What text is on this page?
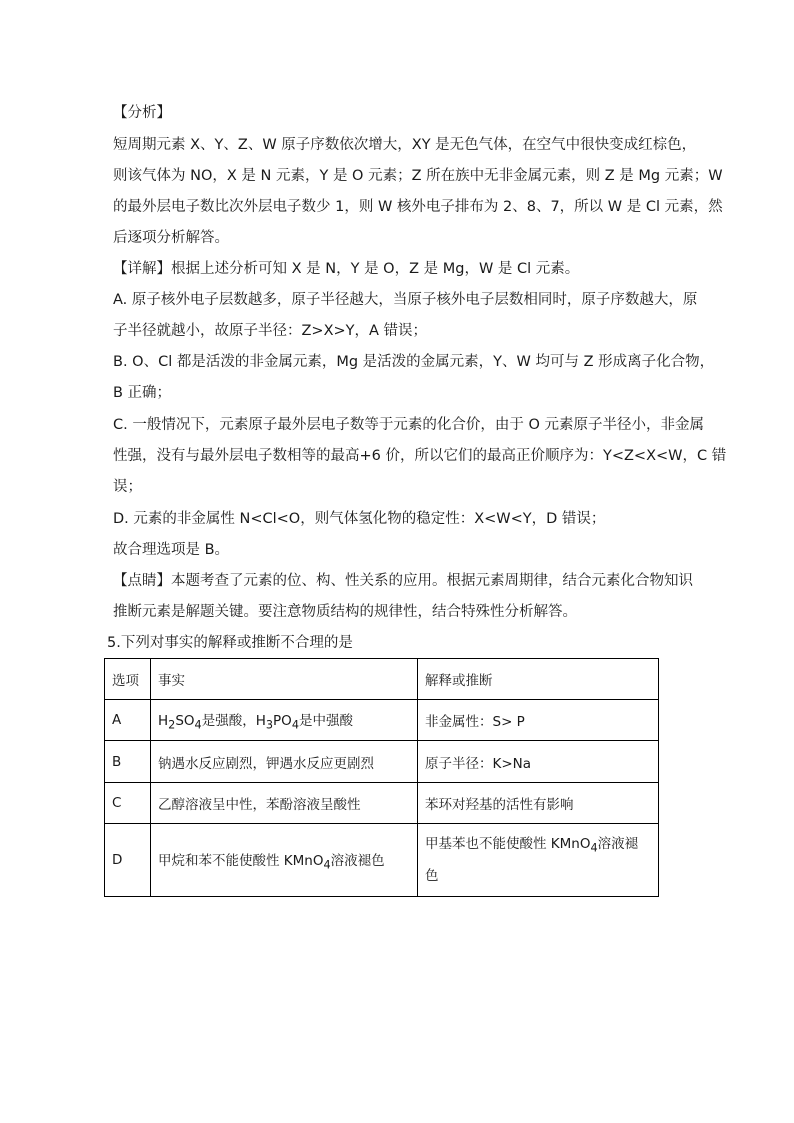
【分析】
短周期元素 X、Y、Z、W 原子序数依次增大，XY 是无色气体，在空气中很快变成红棕色，
则该气体为 NO，X 是 N 元素，Y 是 O 元素；Z 所在族中无非金属元素，则 Z 是 Mg 元素；W
的最外层电子数比次外层电子数少 1，则 W 核外电子排布为 2、8、7，所以 W 是 Cl 元素，然
后逐项分析解答。
【详解】根据上述分析可知 X 是 N，Y 是 O，Z 是 Mg，W 是 Cl 元素。
A. 原子核外电子层数越多，原子半径越大，当原子核外电子层数相同时，原子序数越大，原
子半径就越小，故原子半径：Z>X>Y，A 错误；
B. O、Cl 都是活泼的非金属元素，Mg 是活泼的金属元素，Y、W 均可与 Z 形成离子化合物，
B 正确；
C. 一般情况下，元素原子最外层电子数等于元素的化合价，由于 O 元素原子半径小，非金属
性强，没有与最外层电子数相等的最高+6 价，所以它们的最高正价顺序为：Y<Z<X<W，C 错
误；
D. 元素的非金属性 N<Cl<O，则气体氢化物的稳定性：X<W<Y，D 错误；
故合理选项是 B。
【点睛】本题考查了元素的位、构、性关系的应用。根据元素周期律，结合元素化合物知识
推断元素是解题关键。要注意物质结构的规律性，结合特殊性分析解答。
5.下列对事实的解释或推断不合理的是
选项	事实	解释或推断
A	$H_2SO_4$是强酸，$H_3PO_4$是中强酸	非金属性：S> P
B	钠遇水反应剧烈，钾遇水反应更剧烈	原子半径：K>Na
C	乙醇溶液呈中性，苯酚溶液呈酸性	苯环对羟基的活性有影响
D	甲烷和苯不能使酸性 KMnO$_4$溶液褪色	甲基苯也不能使酸性 KMnO$_4$溶液褪
色
